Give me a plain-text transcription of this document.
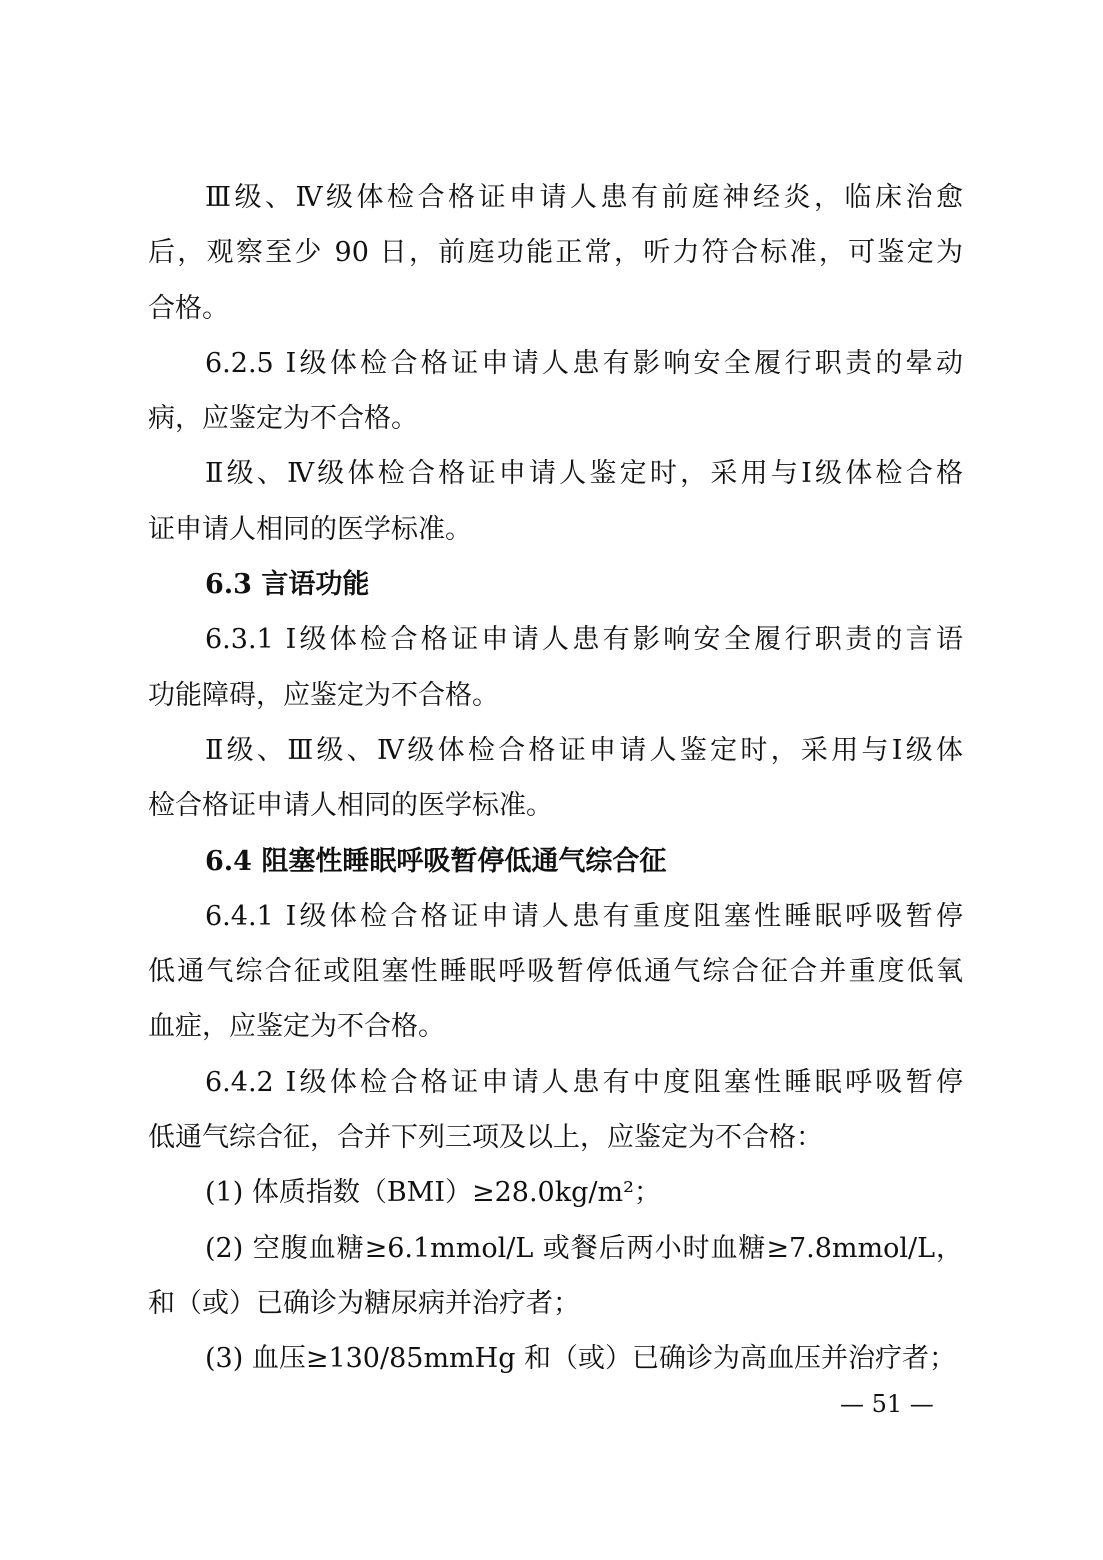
Ⅲ级、Ⅳ级体检合格证申请人患有前庭神经炎，临床治愈
后，观察至少 90 日，前庭功能正常，听力符合标准，可鉴定为
合格。
6.2.5 Ⅰ级体检合格证申请人患有影响安全履行职责的晕动
病，应鉴定为不合格。
Ⅱ级、Ⅳ级体检合格证申请人鉴定时，采用与Ⅰ级体检合格
证申请人相同的医学标准。
6.3 言语功能
6.3.1 Ⅰ级体检合格证申请人患有影响安全履行职责的言语
功能障碍，应鉴定为不合格。
Ⅱ级、Ⅲ级、Ⅳ级体检合格证申请人鉴定时，采用与Ⅰ级体
检合格证申请人相同的医学标准。
6.4 阻塞性睡眠呼吸暂停低通气综合征
6.4.1 Ⅰ级体检合格证申请人患有重度阻塞性睡眠呼吸暂停
低通气综合征或阻塞性睡眠呼吸暂停低通气综合征合并重度低氧
血症，应鉴定为不合格。
6.4.2 Ⅰ级体检合格证申请人患有中度阻塞性睡眠呼吸暂停
低通气综合征，合并下列三项及以上，应鉴定为不合格：
(1) 体质指数（BMI）≥28.0kg/m²；
(2) 空腹血糖≥6.1mmol/L 或餐后两小时血糖≥7.8mmol/L，
和（或）已确诊为糖尿病并治疗者；
(3) 血压≥130/85mmHg 和（或）已确诊为高血压并治疗者；
— 51 —
